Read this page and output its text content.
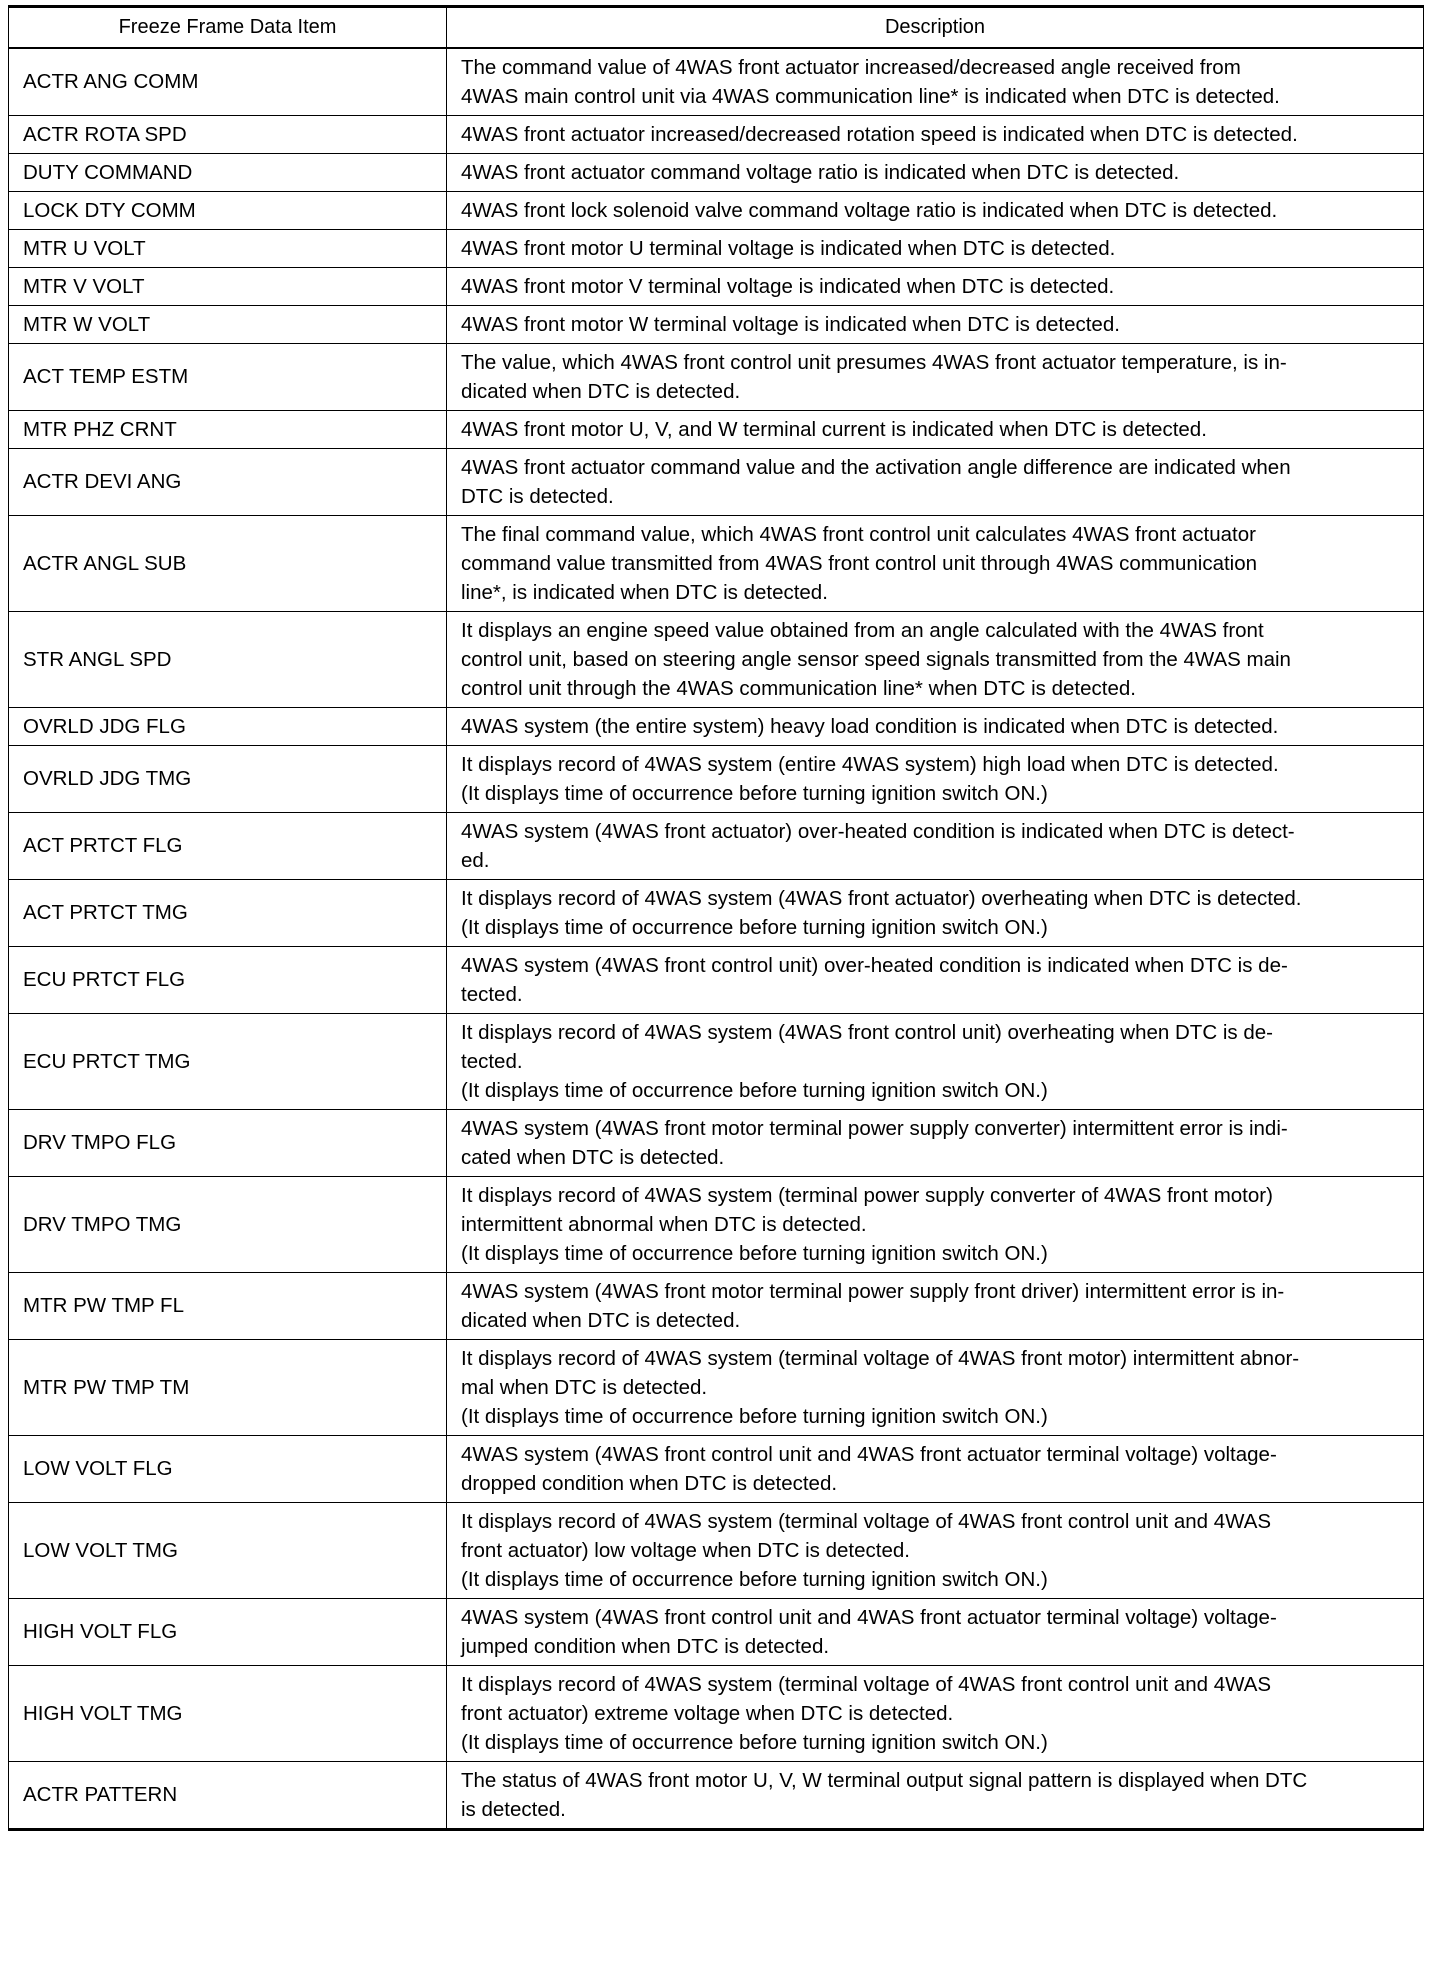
Freeze Frame Data Item	Description
ACTR ANG COMM	The command value of 4WAS front actuator increased/decreased angle received from
4WAS main control unit via 4WAS communication line* is indicated when DTC is detected.
ACTR ROTA SPD	4WAS front actuator increased/decreased rotation speed is indicated when DTC is detected.
DUTY COMMAND	4WAS front actuator command voltage ratio is indicated when DTC is detected.
LOCK DTY COMM	4WAS front lock solenoid valve command voltage ratio is indicated when DTC is detected.
MTR U VOLT	4WAS front motor U terminal voltage is indicated when DTC is detected.
MTR V VOLT	4WAS front motor V terminal voltage is indicated when DTC is detected.
MTR W VOLT	4WAS front motor W terminal voltage is indicated when DTC is detected.
ACT TEMP ESTM	The value, which 4WAS front control unit presumes 4WAS front actuator temperature, is in-
dicated when DTC is detected.
MTR PHZ CRNT	4WAS front motor U, V, and W terminal current is indicated when DTC is detected.
ACTR DEVI ANG	4WAS front actuator command value and the activation angle difference are indicated when
DTC is detected.
ACTR ANGL SUB	The final command value, which 4WAS front control unit calculates 4WAS front actuator
command value transmitted from 4WAS front control unit through 4WAS communication
line*, is indicated when DTC is detected.
STR ANGL SPD	It displays an engine speed value obtained from an angle calculated with the 4WAS front
control unit, based on steering angle sensor speed signals transmitted from the 4WAS main
control unit through the 4WAS communication line* when DTC is detected.
OVRLD JDG FLG	4WAS system (the entire system) heavy load condition is indicated when DTC is detected.
OVRLD JDG TMG	It displays record of 4WAS system (entire 4WAS system) high load when DTC is detected.
(It displays time of occurrence before turning ignition switch ON.)
ACT PRTCT FLG	4WAS system (4WAS front actuator) over-heated condition is indicated when DTC is detect-
ed.
ACT PRTCT TMG	It displays record of 4WAS system (4WAS front actuator) overheating when DTC is detected.
(It displays time of occurrence before turning ignition switch ON.)
ECU PRTCT FLG	4WAS system (4WAS front control unit) over-heated condition is indicated when DTC is de-
tected.
ECU PRTCT TMG	It displays record of 4WAS system (4WAS front control unit) overheating when DTC is de-
tected.
(It displays time of occurrence before turning ignition switch ON.)
DRV TMPO FLG	4WAS system (4WAS front motor terminal power supply converter) intermittent error is indi-
cated when DTC is detected.
DRV TMPO TMG	It displays record of 4WAS system (terminal power supply converter of 4WAS front motor)
intermittent abnormal when DTC is detected.
(It displays time of occurrence before turning ignition switch ON.)
MTR PW TMP FL	4WAS system (4WAS front motor terminal power supply front driver) intermittent error is in-
dicated when DTC is detected.
MTR PW TMP TM	It displays record of 4WAS system (terminal voltage of 4WAS front motor) intermittent abnor-
mal when DTC is detected.
(It displays time of occurrence before turning ignition switch ON.)
LOW VOLT FLG	4WAS system (4WAS front control unit and 4WAS front actuator terminal voltage) voltage-
dropped condition when DTC is detected.
LOW VOLT TMG	It displays record of 4WAS system (terminal voltage of 4WAS front control unit and 4WAS
front actuator) low voltage when DTC is detected.
(It displays time of occurrence before turning ignition switch ON.)
HIGH VOLT FLG	4WAS system (4WAS front control unit and 4WAS front actuator terminal voltage) voltage-
jumped condition when DTC is detected.
HIGH VOLT TMG	It displays record of 4WAS system (terminal voltage of 4WAS front control unit and 4WAS
front actuator) extreme voltage when DTC is detected.
(It displays time of occurrence before turning ignition switch ON.)
ACTR PATTERN	The status of 4WAS front motor U, V, W terminal output signal pattern is displayed when DTC
is detected.
